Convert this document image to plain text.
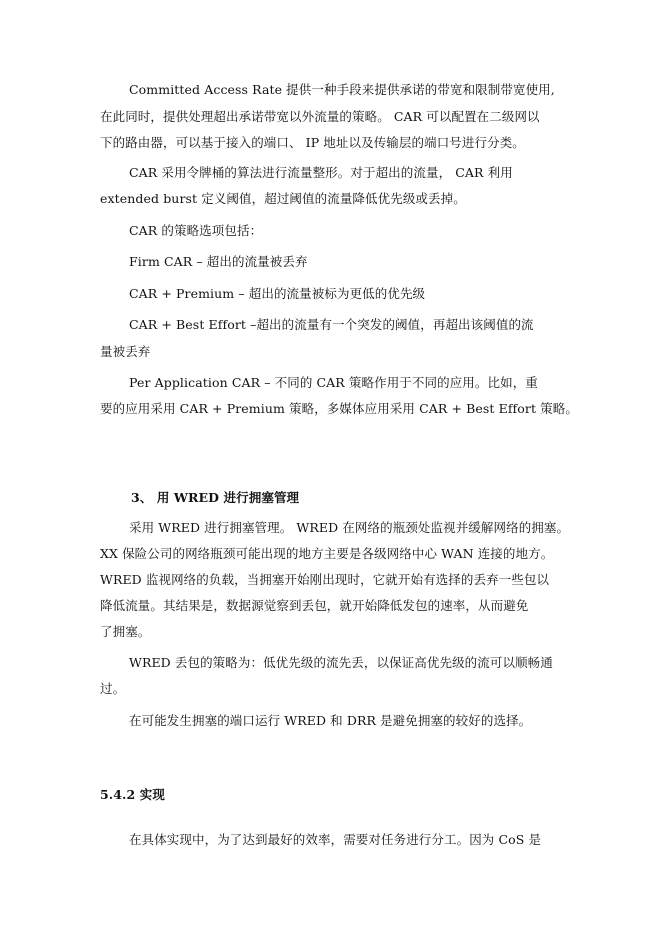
Committed Access Rate 提供一种手段来提供承诺的带宽和限制带宽使用,
在此同时，提供处理超出承诺带宽以外流量的策略。 CAR 可以配置在二级网以
下的路由器，可以基于接入的端口、 IP 地址以及传输层的端口号进行分类。
CAR 采用令牌桶的算法进行流量整形。对于超出的流量， CAR 利用
extended burst 定义阈值，超过阈值的流量降低优先级或丢掉。
CAR 的策略选项包括：
Firm CAR – 超出的流量被丢弃
CAR + Premium – 超出的流量被标为更低的优先级
CAR + Best Effort –超出的流量有一个突发的阈值，再超出该阈值的流
量被丢弃
Per Application CAR – 不同的 CAR 策略作用于不同的应用。比如，重
要的应用采用 CAR + Premium 策略，多媒体应用采用 CAR + Best Effort 策略。
3、 用 WRED 进行拥塞管理
采用 WRED 进行拥塞管理。 WRED 在网络的瓶颈处监视并缓解网络的拥塞。
XX 保险公司的网络瓶颈可能出现的地方主要是各级网络中心 WAN 连接的地方。
WRED 监视网络的负载，当拥塞开始刚出现时，它就开始有选择的丢弃一些包以
降低流量。其结果是，数据源觉察到丢包，就开始降低发包的速率，从而避免
了拥塞。
WRED 丢包的策略为：低优先级的流先丢，以保证高优先级的流可以顺畅通
过。
在可能发生拥塞的端口运行 WRED 和 DRR 是避免拥塞的较好的选择。
5.4.2 实现
在具体实现中，为了达到最好的效率，需要对任务进行分工。因为 CoS 是
